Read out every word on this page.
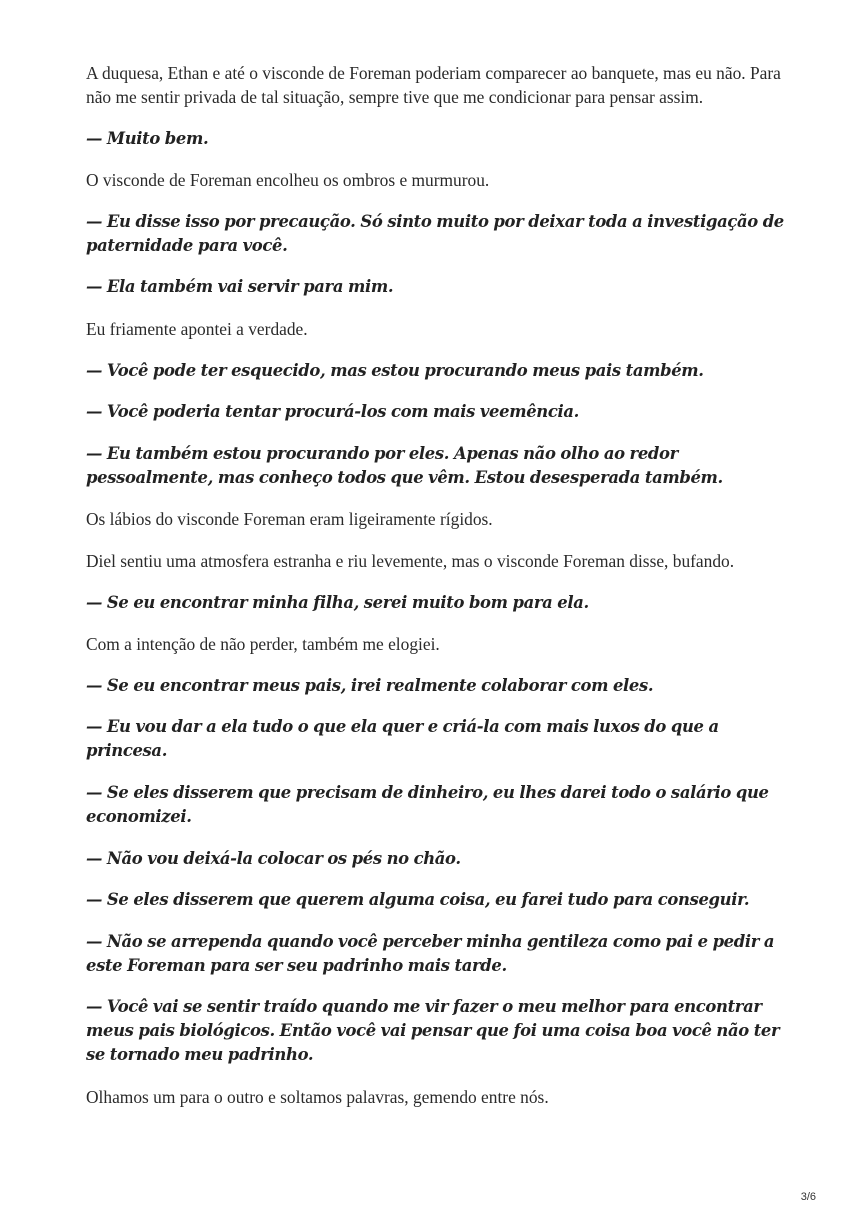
A duquesa, Ethan e até o visconde de Foreman poderiam comparecer ao banquete, mas eu não. Para não me sentir privada de tal situação, sempre tive que me condicionar para pensar assim.

— Muito bem.

O visconde de Foreman encolheu os ombros e murmurou.

— Eu disse isso por precaução. Só sinto muito por deixar toda a investigação de paternidade para você.

— Ela também vai servir para mim.

Eu friamente apontei a verdade.

— Você pode ter esquecido, mas estou procurando meus pais também.

— Você poderia tentar procurá-los com mais veemência.

— Eu também estou procurando por eles. Apenas não olho ao redor pessoalmente, mas conheço todos que vêm. Estou desesperada também.

Os lábios do visconde Foreman eram ligeiramente rígidos.

Diel sentiu uma atmosfera estranha e riu levemente, mas o visconde Foreman disse, bufando.

— Se eu encontrar minha filha, serei muito bom para ela.

Com a intenção de não perder, também me elogiei.

— Se eu encontrar meus pais, irei realmente colaborar com eles.

— Eu vou dar a ela tudo o que ela quer e criá-la com mais luxos do que a princesa.

— Se eles disserem que precisam de dinheiro, eu lhes darei todo o salário que economizei.

— Não vou deixá-la colocar os pés no chão.

— Se eles disserem que querem alguma coisa, eu farei tudo para conseguir.

— Não se arrependa quando você perceber minha gentileza como pai e pedir a este Foreman para ser seu padrinho mais tarde.

— Você vai se sentir traído quando me vir fazer o meu melhor para encontrar meus pais biológicos. Então você vai pensar que foi uma coisa boa você não ter se tornado meu padrinho.

Olhamos um para o outro e soltamos palavras, gemendo entre nós.

3/6
